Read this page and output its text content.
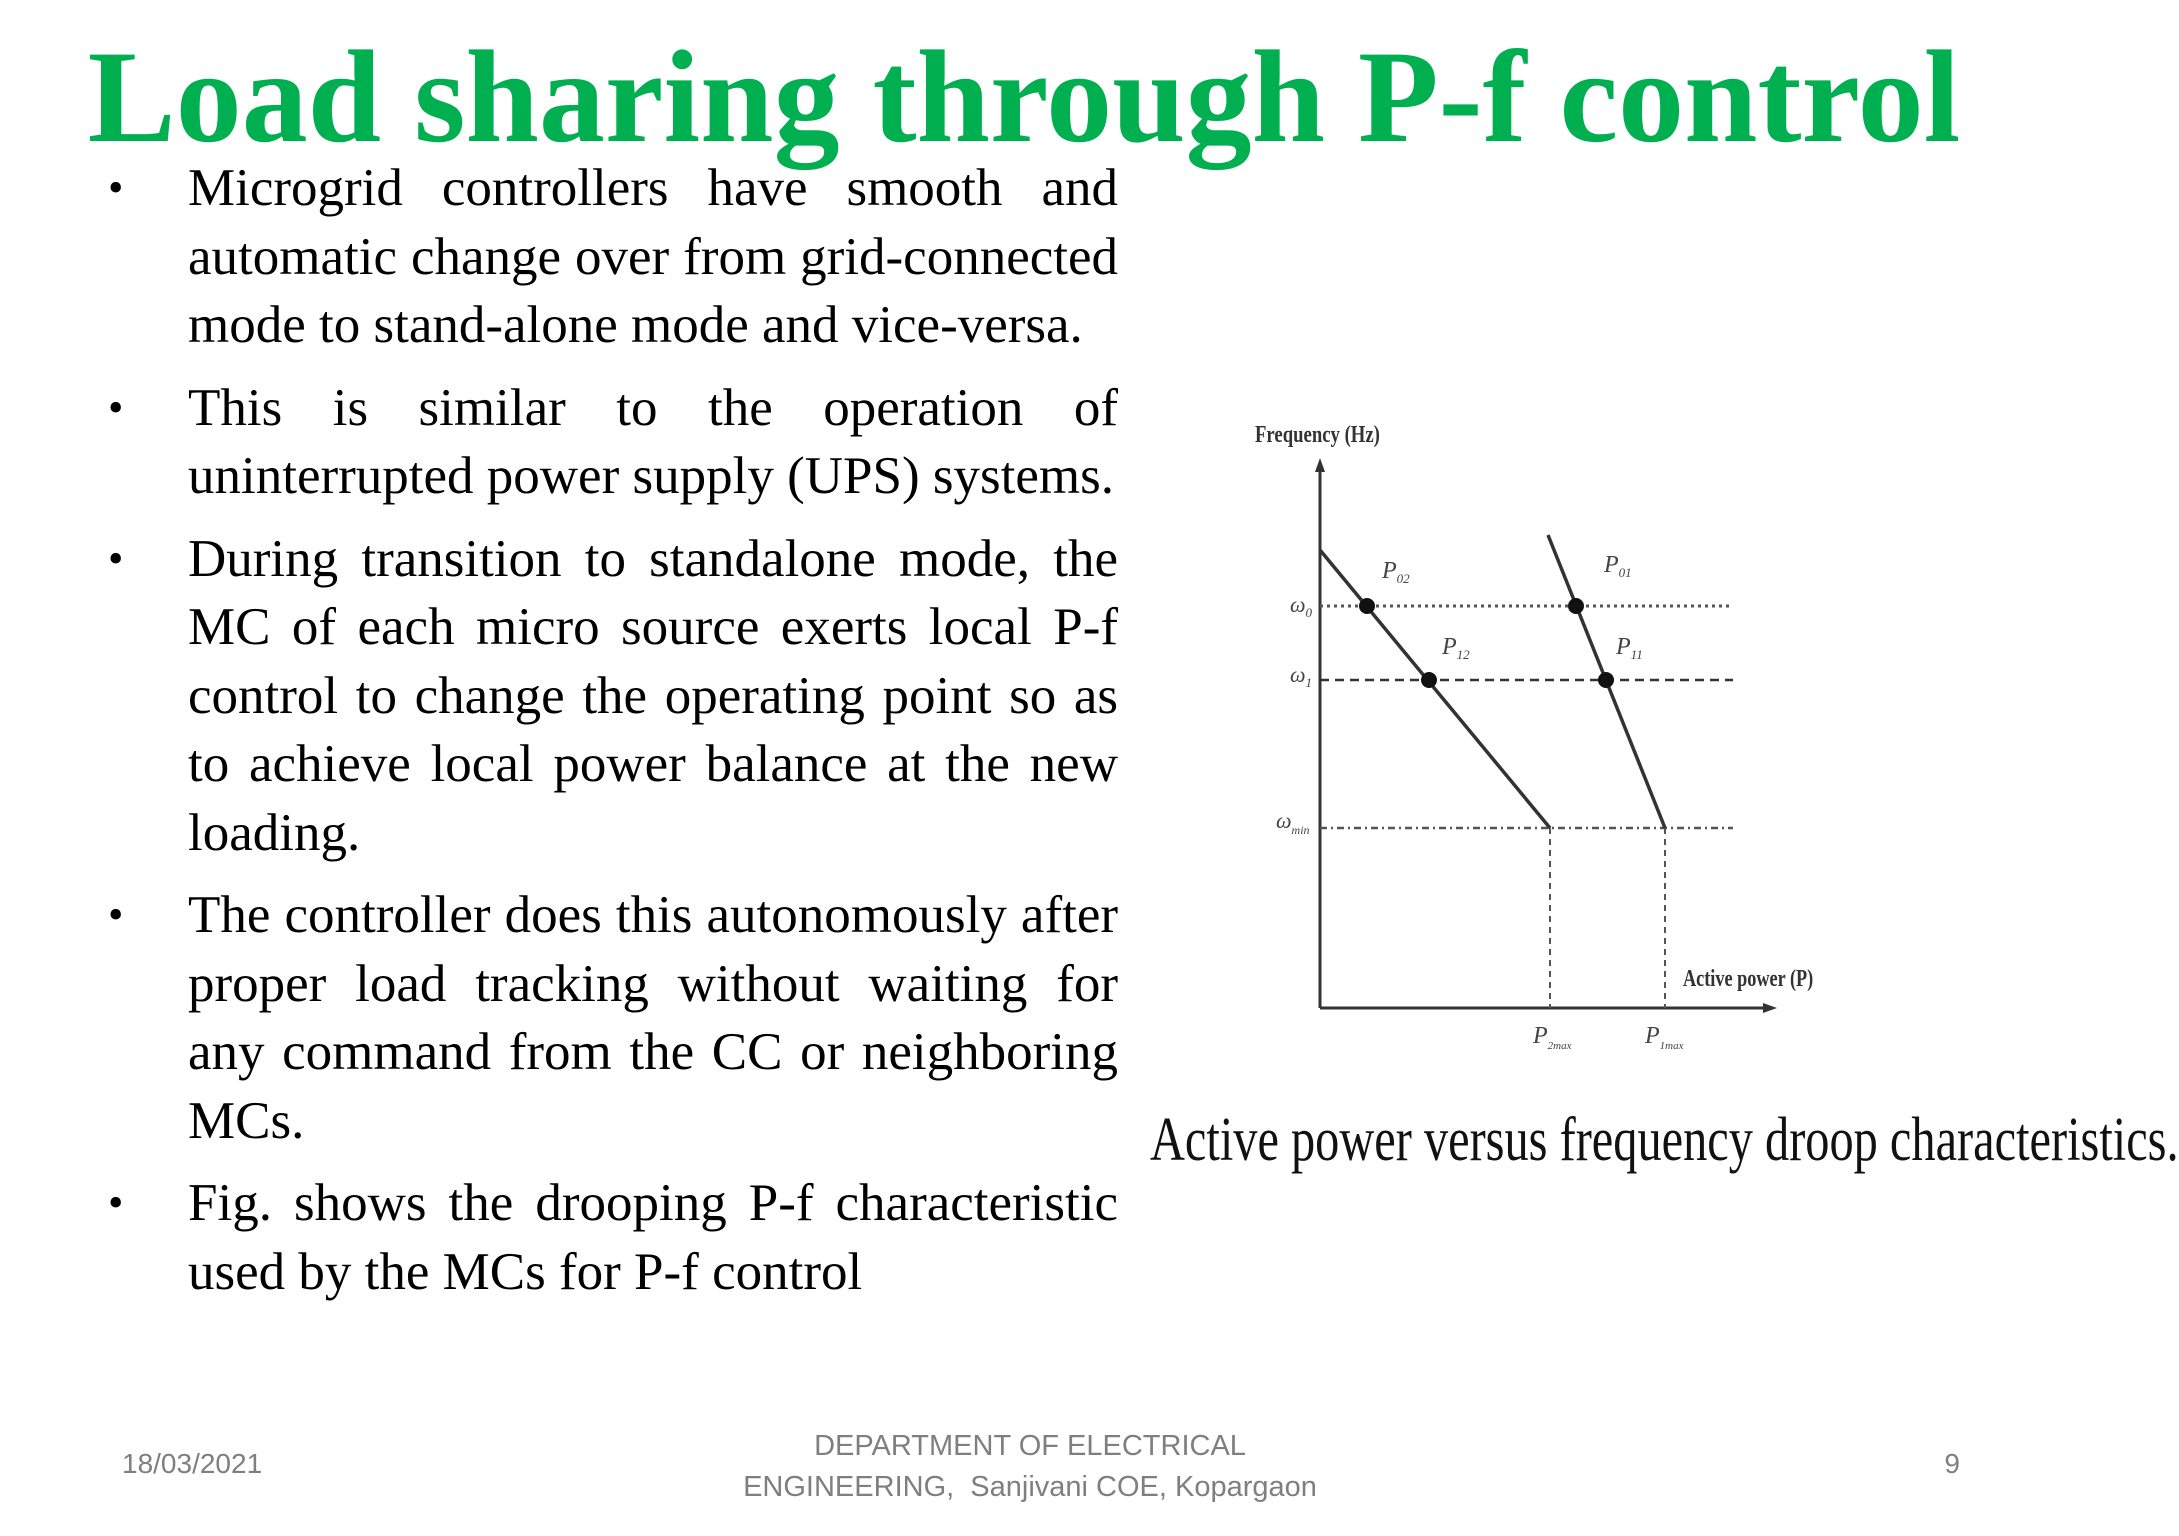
Load sharing through P-f control
• Microgrid controllers have smooth and automatic change over from grid-connected mode to stand-alone mode and vice-versa.
• This is similar to the operation of uninterrupted power supply (UPS) systems.
• During transition to standalone mode, the MC of each micro source exerts local P-f control to change the operating point so as to achieve local power balance at the new loading.
• The controller does this autonomously after proper load tracking without waiting for any command from the CC or neighboring MCs.
• Fig. shows the drooping P-f characteristic used by the MCs for P-f control
Frequency (Hz)
Active power (P)
$\omega_0$
$\omega_1$
$\omega_{min}$
$P_{02}$
$P_{12}$
$P_{01}$
$P_{11}$
$P_{2max}$	$P_{1max}$
Active power versus frequency droop characteristics.
18/03/2021
DEPARTMENT OF ELECTRICAL
ENGINEERING,  Sanjivani COE, Kopargaon
9
